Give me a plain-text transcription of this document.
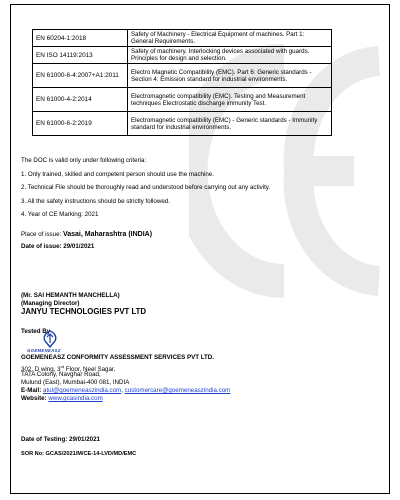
EN 60204-1:2018	Safety of Machinery - Electrical Equipment of machines. Part 1: General Requirements.
EN ISO 14119:2013	Safety of machinery. Interlocking devices associated with guards. Principles for design and selection.
EN 61000-6-4:2007+A1:2011	Electro Magnetic Compatibility (EMC). Part 6: Generic standards - Section 4: Emission standard for industrial environments.
EN 61000-4-2:2014	Electromagnetic compatibility (EMC). Testing and Measurement techniques Electrostatic discharge immunity Test.
EN 61000-6-2:2019	Electromagnetic compatibility (EMC) - Generic standards - Immunity standard for industrial environments.
The DOC is valid only under following criteria:
1. Only trained, skilled and competent person should use the machine.
2. Technical File should be thoroughly read and understood before carrying out any activity.
3. All the safety instructions should be strictly followed.
4. Year of CE Marking: 2021
Place of issue: Vasai, Maharashtra (INDIA)
Date of issue: 29/01/2021
(Mr. SAI HEMANTH MANCHELLA)
(Managing Director)
JANYU TECHNOLOGIES PVT LTD
Tested By
GOEMENEASZ
GOEMENEASZ CONFORMITY ASSESSMENT SERVICES PVT LTD.
302, D wing, 3rd Floor, Neel Sagar,
TATA Colony, Navghar Road,
Mulund (East), Mumbai-400 081, INDIA
E-Mail: atul@goemeneaszindia.com, customercare@goemeneaszindia.com
Website: www.gcasindia.com
Date of Testing: 29/01/2021
SOR No: GCAS/2021/M/CE-14-LVD/MD/EMC
